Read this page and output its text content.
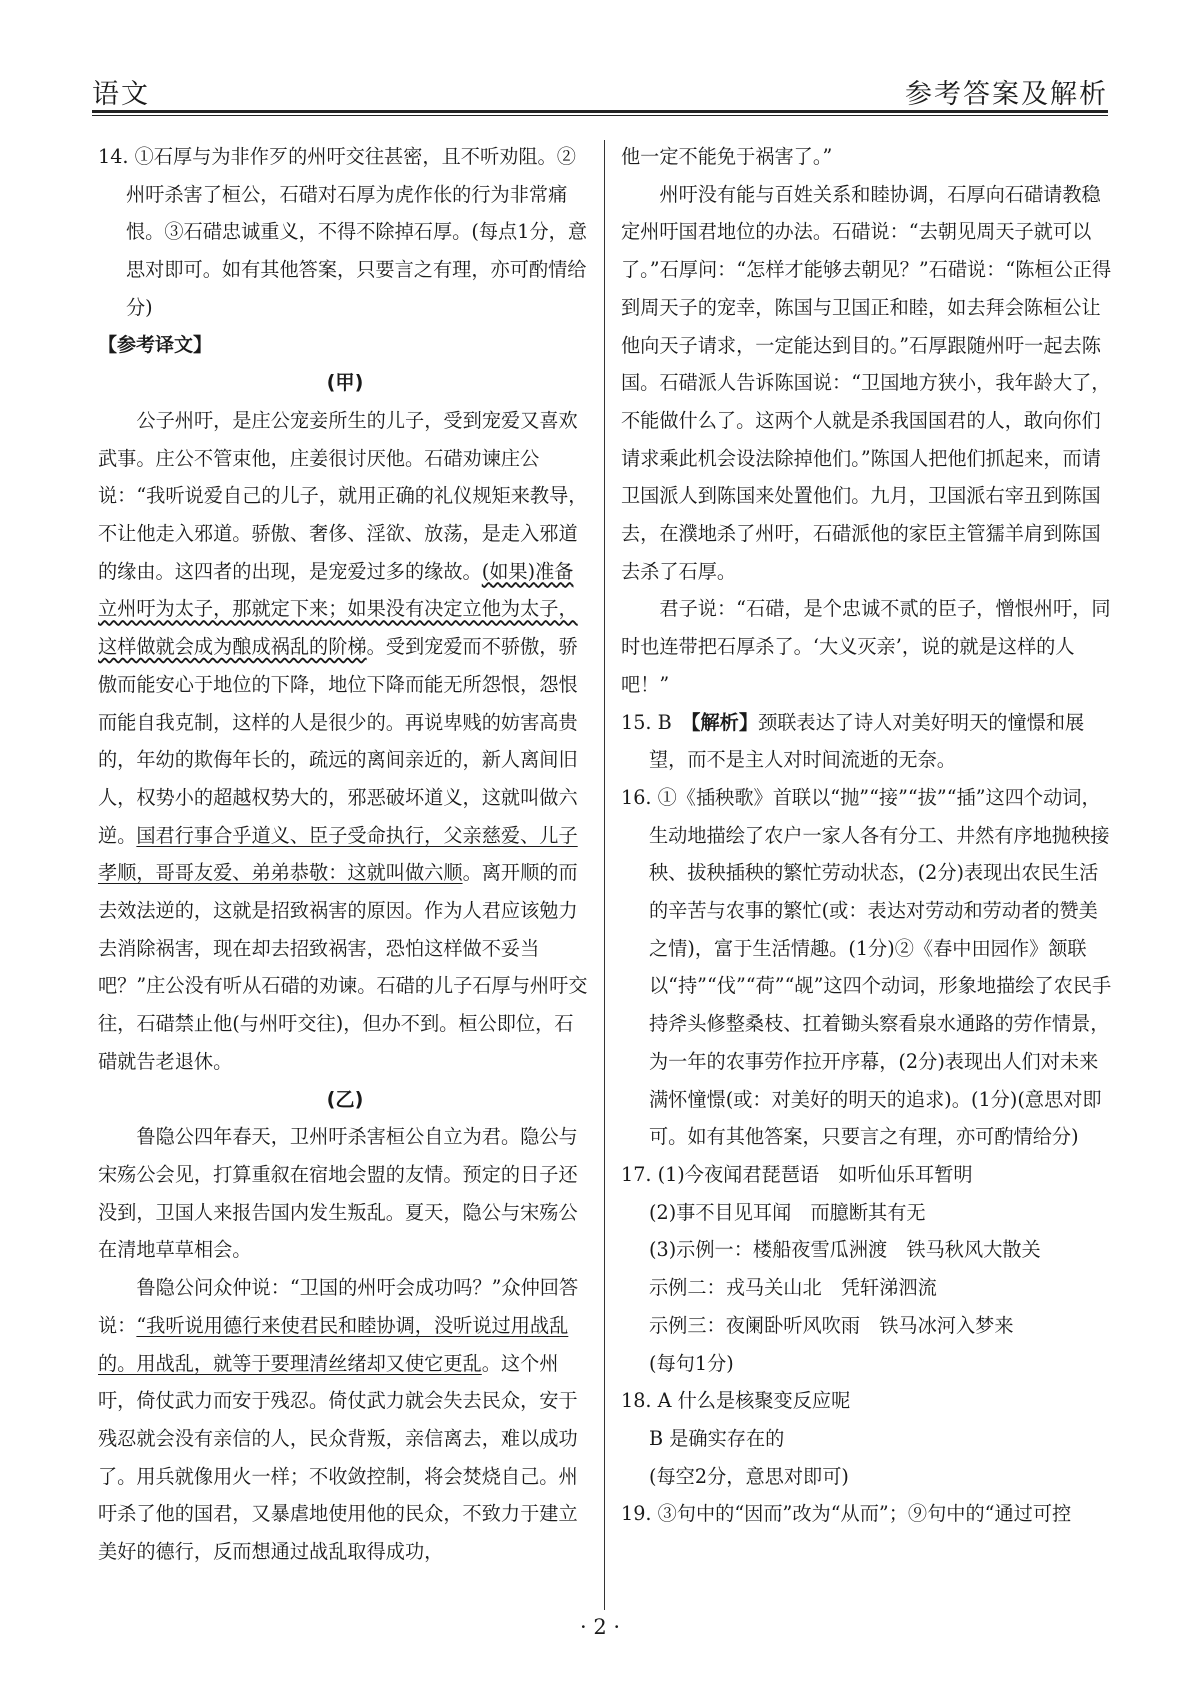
语文	参考答案及解析

14. ①石厚与为非作歹的州吁交往甚密，且不听劝阻。②州吁杀害了桓公，石碏对石厚为虎作伥的行为非常痛恨。③石碏忠诚重义，不得不除掉石厚。(每点1分，意思对即可。如有其他答案，只要言之有理，亦可酌情给分)

【参考译文】

(甲)

公子州吁，是庄公宠妾所生的儿子，受到宠爱又喜欢武事。庄公不管束他，庄姜很讨厌他。石碏劝谏庄公说：“我听说爱自己的儿子，就用正确的礼仪规矩来教导，不让他走入邪道。骄傲、奢侈、淫欲、放荡，是走入邪道的缘由。这四者的出现，是宠爱过多的缘故。(如果)准备立州吁为太子，那就定下来；如果没有决定立他为太子，这样做就会成为酿成祸乱的阶梯。受到宠爱而不骄傲，骄傲而能安心于地位的下降，地位下降而能无所怨恨，怨恨而能自我克制，这样的人是很少的。再说卑贱的妨害高贵的，年幼的欺侮年长的，疏远的离间亲近的，新人离间旧人，权势小的超越权势大的，邪恶破坏道义，这就叫做六逆。国君行事合乎道义、臣子受命执行，父亲慈爱、儿子孝顺，哥哥友爱、弟弟恭敬：这就叫做六顺。离开顺的而去效法逆的，这就是招致祸害的原因。作为人君应该勉力去消除祸害，现在却去招致祸害，恐怕这样做不妥当吧？”庄公没有听从石碏的劝谏。石碏的儿子石厚与州吁交往，石碏禁止他(与州吁交往)，但办不到。桓公即位，石碏就告老退休。

(乙)

鲁隐公四年春天，卫州吁杀害桓公自立为君。隐公与宋殇公会见，打算重叙在宿地会盟的友情。预定的日子还没到，卫国人来报告国内发生叛乱。夏天，隐公与宋殇公在清地草草相会。

鲁隐公问众仲说：“卫国的州吁会成功吗？”众仲回答说：“我听说用德行来使君民和睦协调，没听说过用战乱的。用战乱，就等于要理清丝绪却又使它更乱。这个州吁，倚仗武力而安于残忍。倚仗武力就会失去民众，安于残忍就会没有亲信的人，民众背叛，亲信离去，难以成功了。用兵就像用火一样；不收敛控制，将会焚烧自己。州吁杀了他的国君，又暴虐地使用他的民众，不致力于建立美好的德行，反而想通过战乱取得成功，

他一定不能免于祸害了。”

州吁没有能与百姓关系和睦协调，石厚向石碏请教稳定州吁国君地位的办法。石碏说：“去朝见周天子就可以了。”石厚问：“怎样才能够去朝见？”石碏说：“陈桓公正得到周天子的宠幸，陈国与卫国正和睦，如去拜会陈桓公让他向天子请求，一定能达到目的。”石厚跟随州吁一起去陈国。石碏派人告诉陈国说：“卫国地方狭小，我年龄大了，不能做什么了。这两个人就是杀我国国君的人，敢向你们请求乘此机会设法除掉他们。”陈国人把他们抓起来，而请卫国派人到陈国来处置他们。九月，卫国派右宰丑到陈国去，在濮地杀了州吁，石碏派他的家臣主管獳羊肩到陈国去杀了石厚。

君子说：“石碏，是个忠诚不贰的臣子，憎恨州吁，同时也连带把石厚杀了。‘大义灭亲’，说的就是这样的人吧！”

15. B　【解析】颈联表达了诗人对美好明天的憧憬和展望，而不是主人对时间流逝的无奈。

16. ①《插秧歌》首联以“抛”“接”“拔”“插”这四个动词，生动地描绘了农户一家人各有分工、井然有序地抛秧接秧、拔秧插秧的繁忙劳动状态，(2分)表现出农民生活的辛苦与农事的繁忙(或：表达对劳动和劳动者的赞美之情)，富于生活情趣。(1分)②《春中田园作》颔联以“持”“伐”“荷”“觇”这四个动词，形象地描绘了农民手持斧头修整桑枝、扛着锄头察看泉水通路的劳作情景，为一年的农事劳作拉开序幕，(2分)表现出人们对未来满怀憧憬(或：对美好的明天的追求)。(1分)(意思对即可。如有其他答案，只要言之有理，亦可酌情给分)

17. (1)今夜闻君琵琶语　如听仙乐耳暂明

(2)事不目见耳闻　而臆断其有无

(3)示例一：楼船夜雪瓜洲渡　铁马秋风大散关

示例二：戎马关山北　凭轩涕泗流

示例三：夜阑卧听风吹雨　铁马冰河入梦来

(每句1分)

18. A 什么是核聚变反应呢

B 是确实存在的

(每空2分，意思对即可)

19. ③句中的“因而”改为“从而”；⑨句中的“通过可控

· 2 ·
